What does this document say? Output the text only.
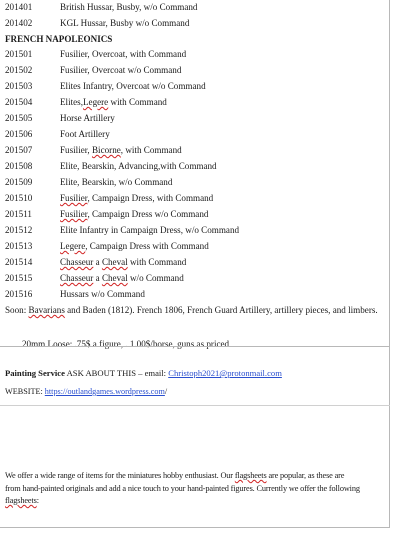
201401	British Hussar, Busby, w/o Command
201402	KGL Hussar, Busby w/o Command
FRENCH NAPOLEONICS
201501	Fusilier, Overcoat, with Command
201502	Fusilier, Overcoat w/o Command
201503	Elites Infantry, Overcoat w/o Command
201504	Elites,Legere with Command
201505	Horse Artillery
201506	Foot Artillery
201507	Fusilier, Bicorne, with Command
201508	Elite, Bearskin, Advancing,with Command
201509	Elite, Bearskin, w/o Command
201510	Fusilier, Campaign Dress, with Command
201511	Fusilier, Campaign Dress w/o Command
201512	Elite Infantry in Campaign Dress, w/o Command
201513	Legere, Campaign Dress with Command
201514	Chasseur a Cheval with Command
201515	Chasseur a Cheval w/o Command
201516	Hussars w/o Command
Soon: Bavarians and Baden (1812). French 1806, French Guard Artillery, artillery pieces, and limbers.
20mm Loose: .75$ a figure, . 1.00$/horse, guns as priced
Painting Service ASK ABOUT THIS – email: Christoph2021@protonmail.com
WEBSITE: https://outlandgames.wordpress.com/
We offer a wide range of items for the miniatures hobby enthusiast. Our flagsheets are popular, as these are
from hand-painted originals and add a nice touch to your hand-painted figures. Currently we offer the following
flagsheets:
